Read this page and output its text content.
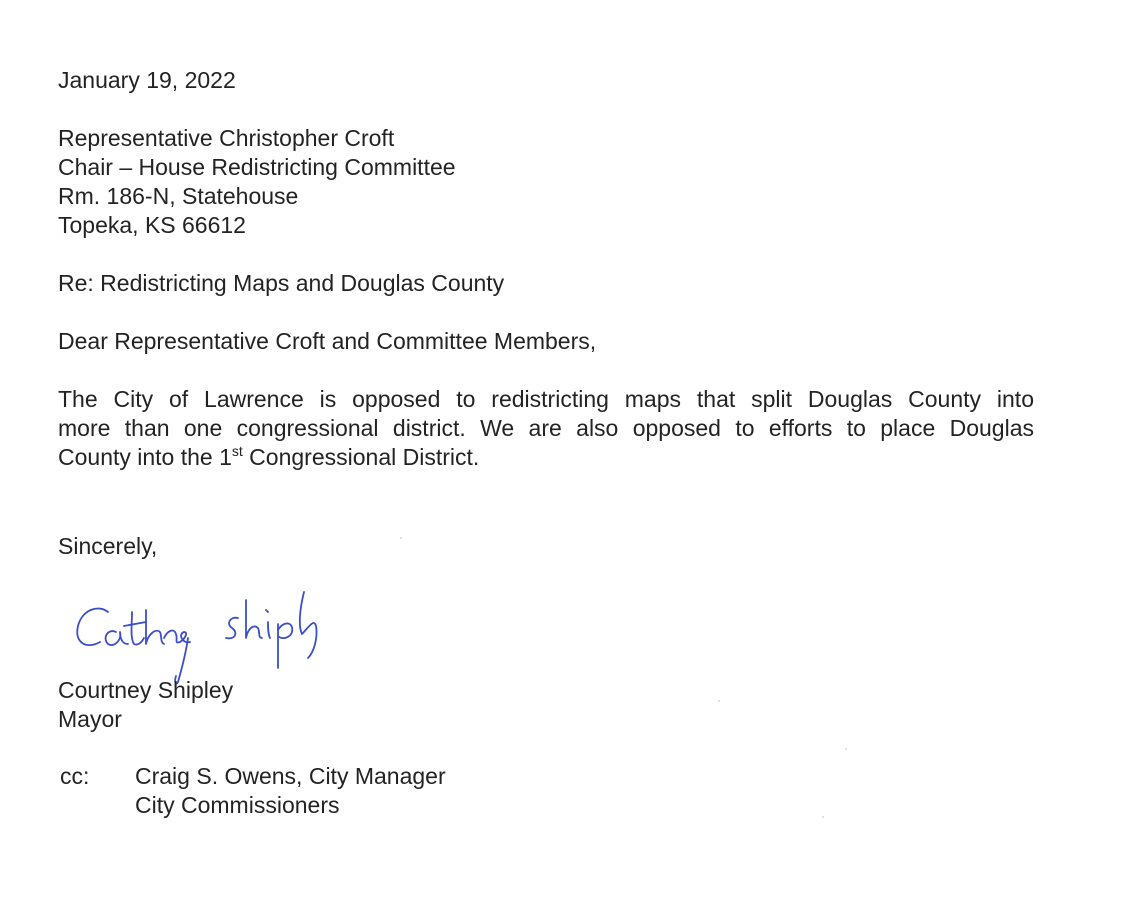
January 19, 2022
Representative Christopher Croft
Chair – House Redistricting Committee
Rm. 186-N, Statehouse
Topeka, KS 66612
Re: Redistricting Maps and Douglas County
Dear Representative Croft and Committee Members,
The City of Lawrence is opposed to redistricting maps that split Douglas County into
more than one congressional district. We are also opposed to efforts to place Douglas
County into the 1st Congressional District.
Sincerely,
Courtney Shipley
Mayor
cc: Craig S. Owens, City Manager
City Commissioners
